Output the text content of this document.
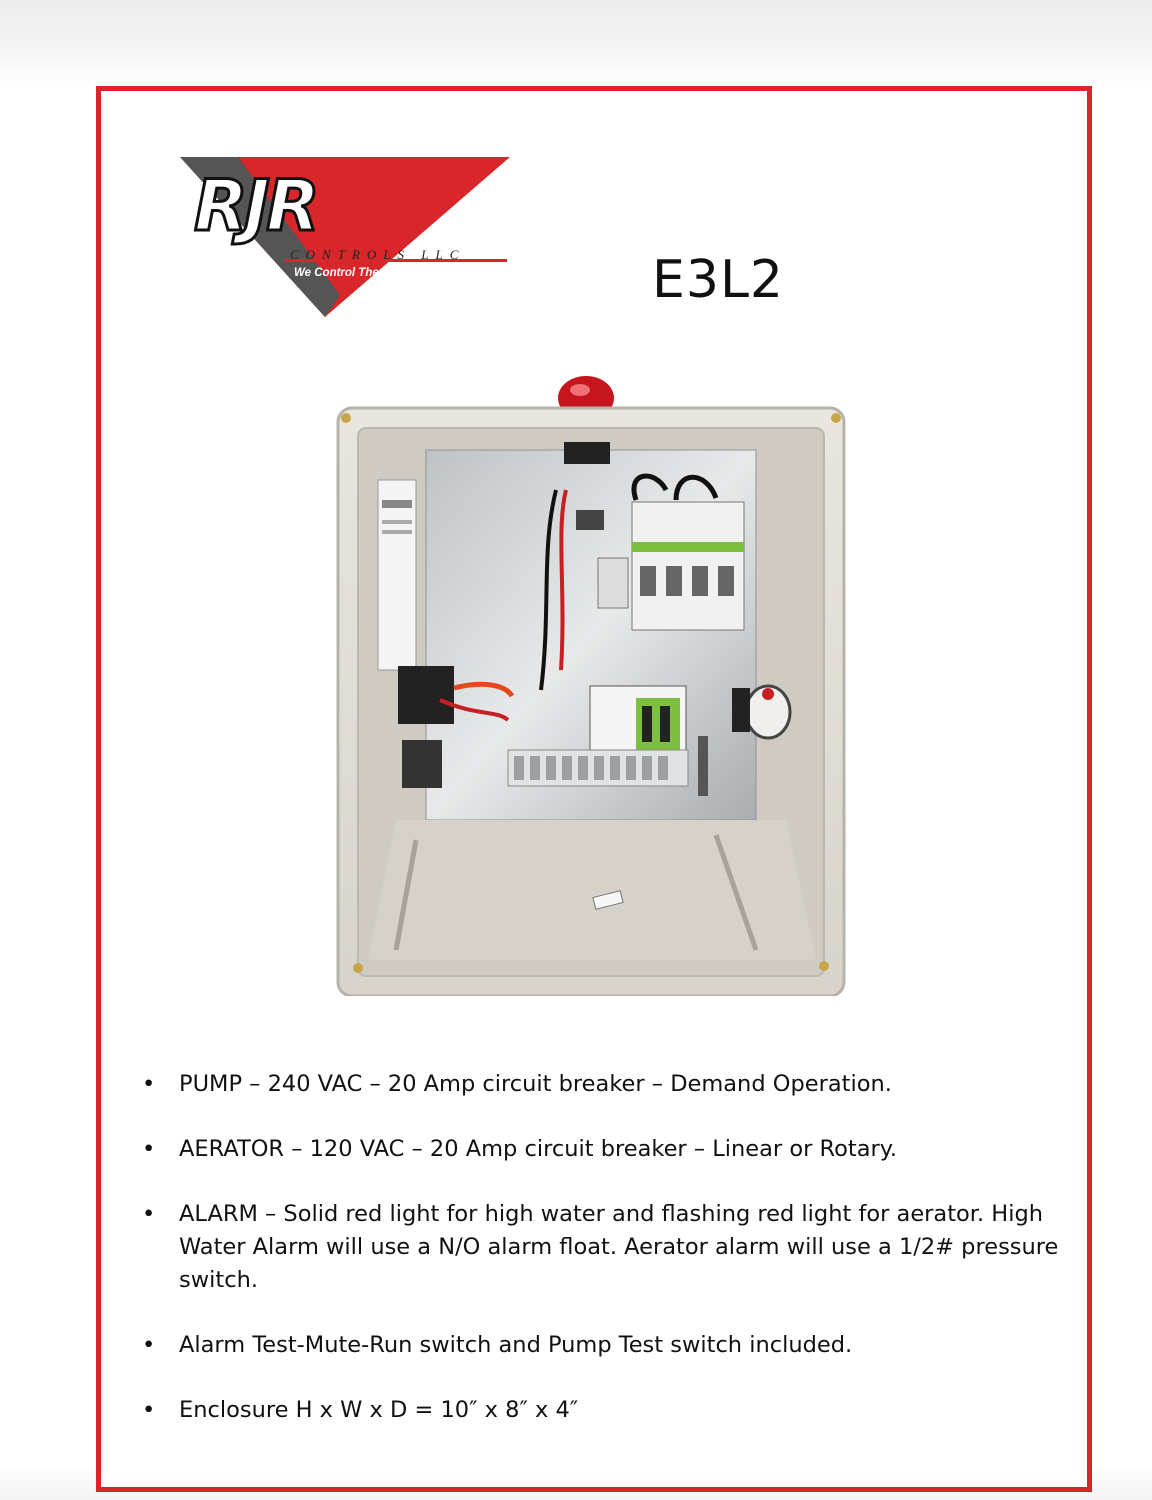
RJR
CONTROLS LLC
We Control The Flow!	E3L2
• PUMP – 240 VAC – 20 Amp circuit breaker – Demand Operation.
• AERATOR – 120 VAC – 20 Amp circuit breaker – Linear or Rotary.
• ALARM – Solid red light for high water and flashing red light for aerator. High Water Alarm will use a N/O alarm float. Aerator alarm will use a 1/2# pressure switch.
• Alarm Test-Mute-Run switch and Pump Test switch included.
• Enclosure H x W x D = 10″ x 8″ x 4″
